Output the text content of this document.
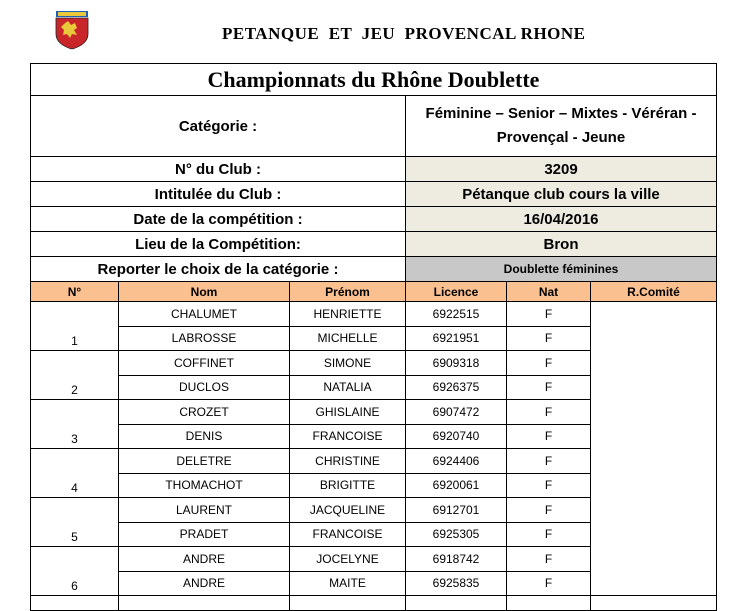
PETANQUE  ET  JEU  PROVENCAL RHONE
Championnats du Rhône Doublette					
Catégorie :			Féminine – Senior – Mixtes - Véréran - Provençal - Jeune		
N° du Club :			3209		
Intitulée du Club :			Pétanque club cours la ville		
Date de la compétition :			16/04/2016		
Lieu de la Compétition:			Bron		
Reporter le choix de la catégorie :			Doublette féminines		
N°	Nom	Prénom	Licence	Nat	R.Comité
1	CHALUMET	HENRIETTE	6922515	F	
	LABROSSE	MICHELLE	6921951	F	
2	COFFINET	SIMONE	6909318	F	
	DUCLOS	NATALIA	6926375	F	
3	CROZET	GHISLAINE	6907472	F	
	DENIS	FRANCOISE	6920740	F	
4	DELETRE	CHRISTINE	6924406	F	
	THOMACHOT	BRIGITTE	6920061	F	
5	LAURENT	JACQUELINE	6912701	F	
	PRADET	FRANCOISE	6925305	F	
6	ANDRE	JOCELYNE	6918742	F	
	ANDRE	MAITE	6925835	F	
